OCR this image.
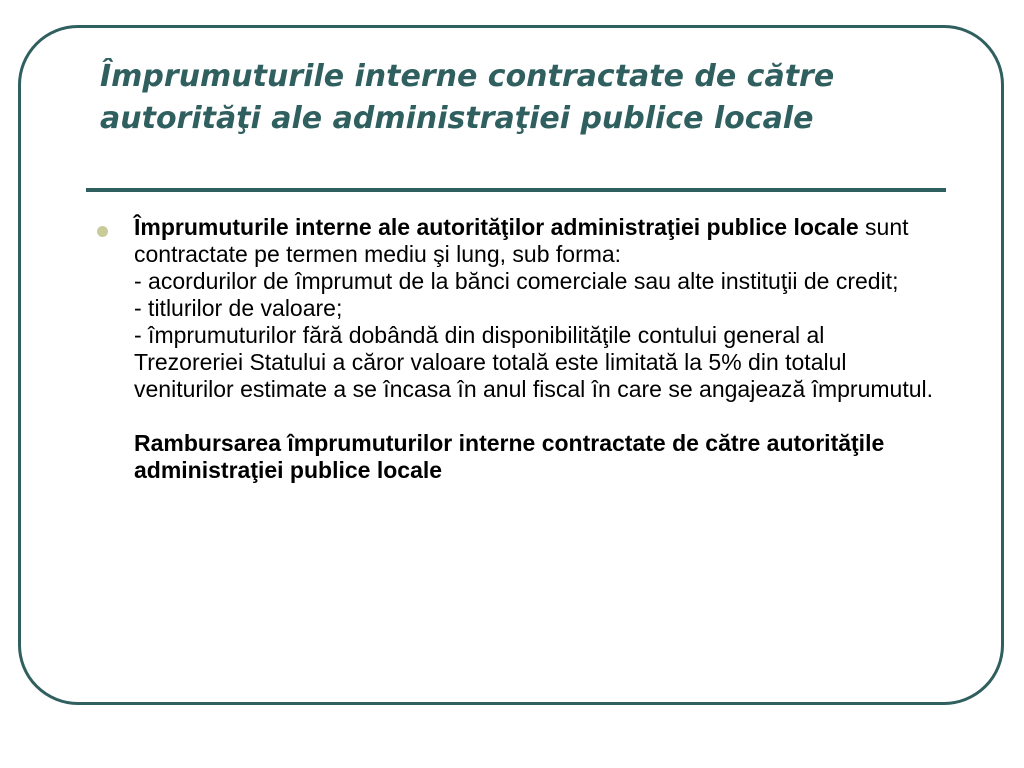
Împrumuturile interne contractate de către autorităţi ale administraţiei publice locale

Împrumuturile interne ale autorităţilor administraţiei publice locale sunt contractate pe termen mediu şi lung, sub forma:
- acordurilor de împrumut de la bănci comerciale sau alte instituţii de credit;
- titlurilor de valoare;
- împrumuturilor fără dobândă din disponibilităţile contului general al Trezoreriei Statului a căror valoare totală este limitată la 5% din totalul veniturilor estimate a se încasa în anul fiscal în care se angajează împrumutul.
Rambursarea împrumuturilor interne contractate de către autorităţile administraţiei publice locale
